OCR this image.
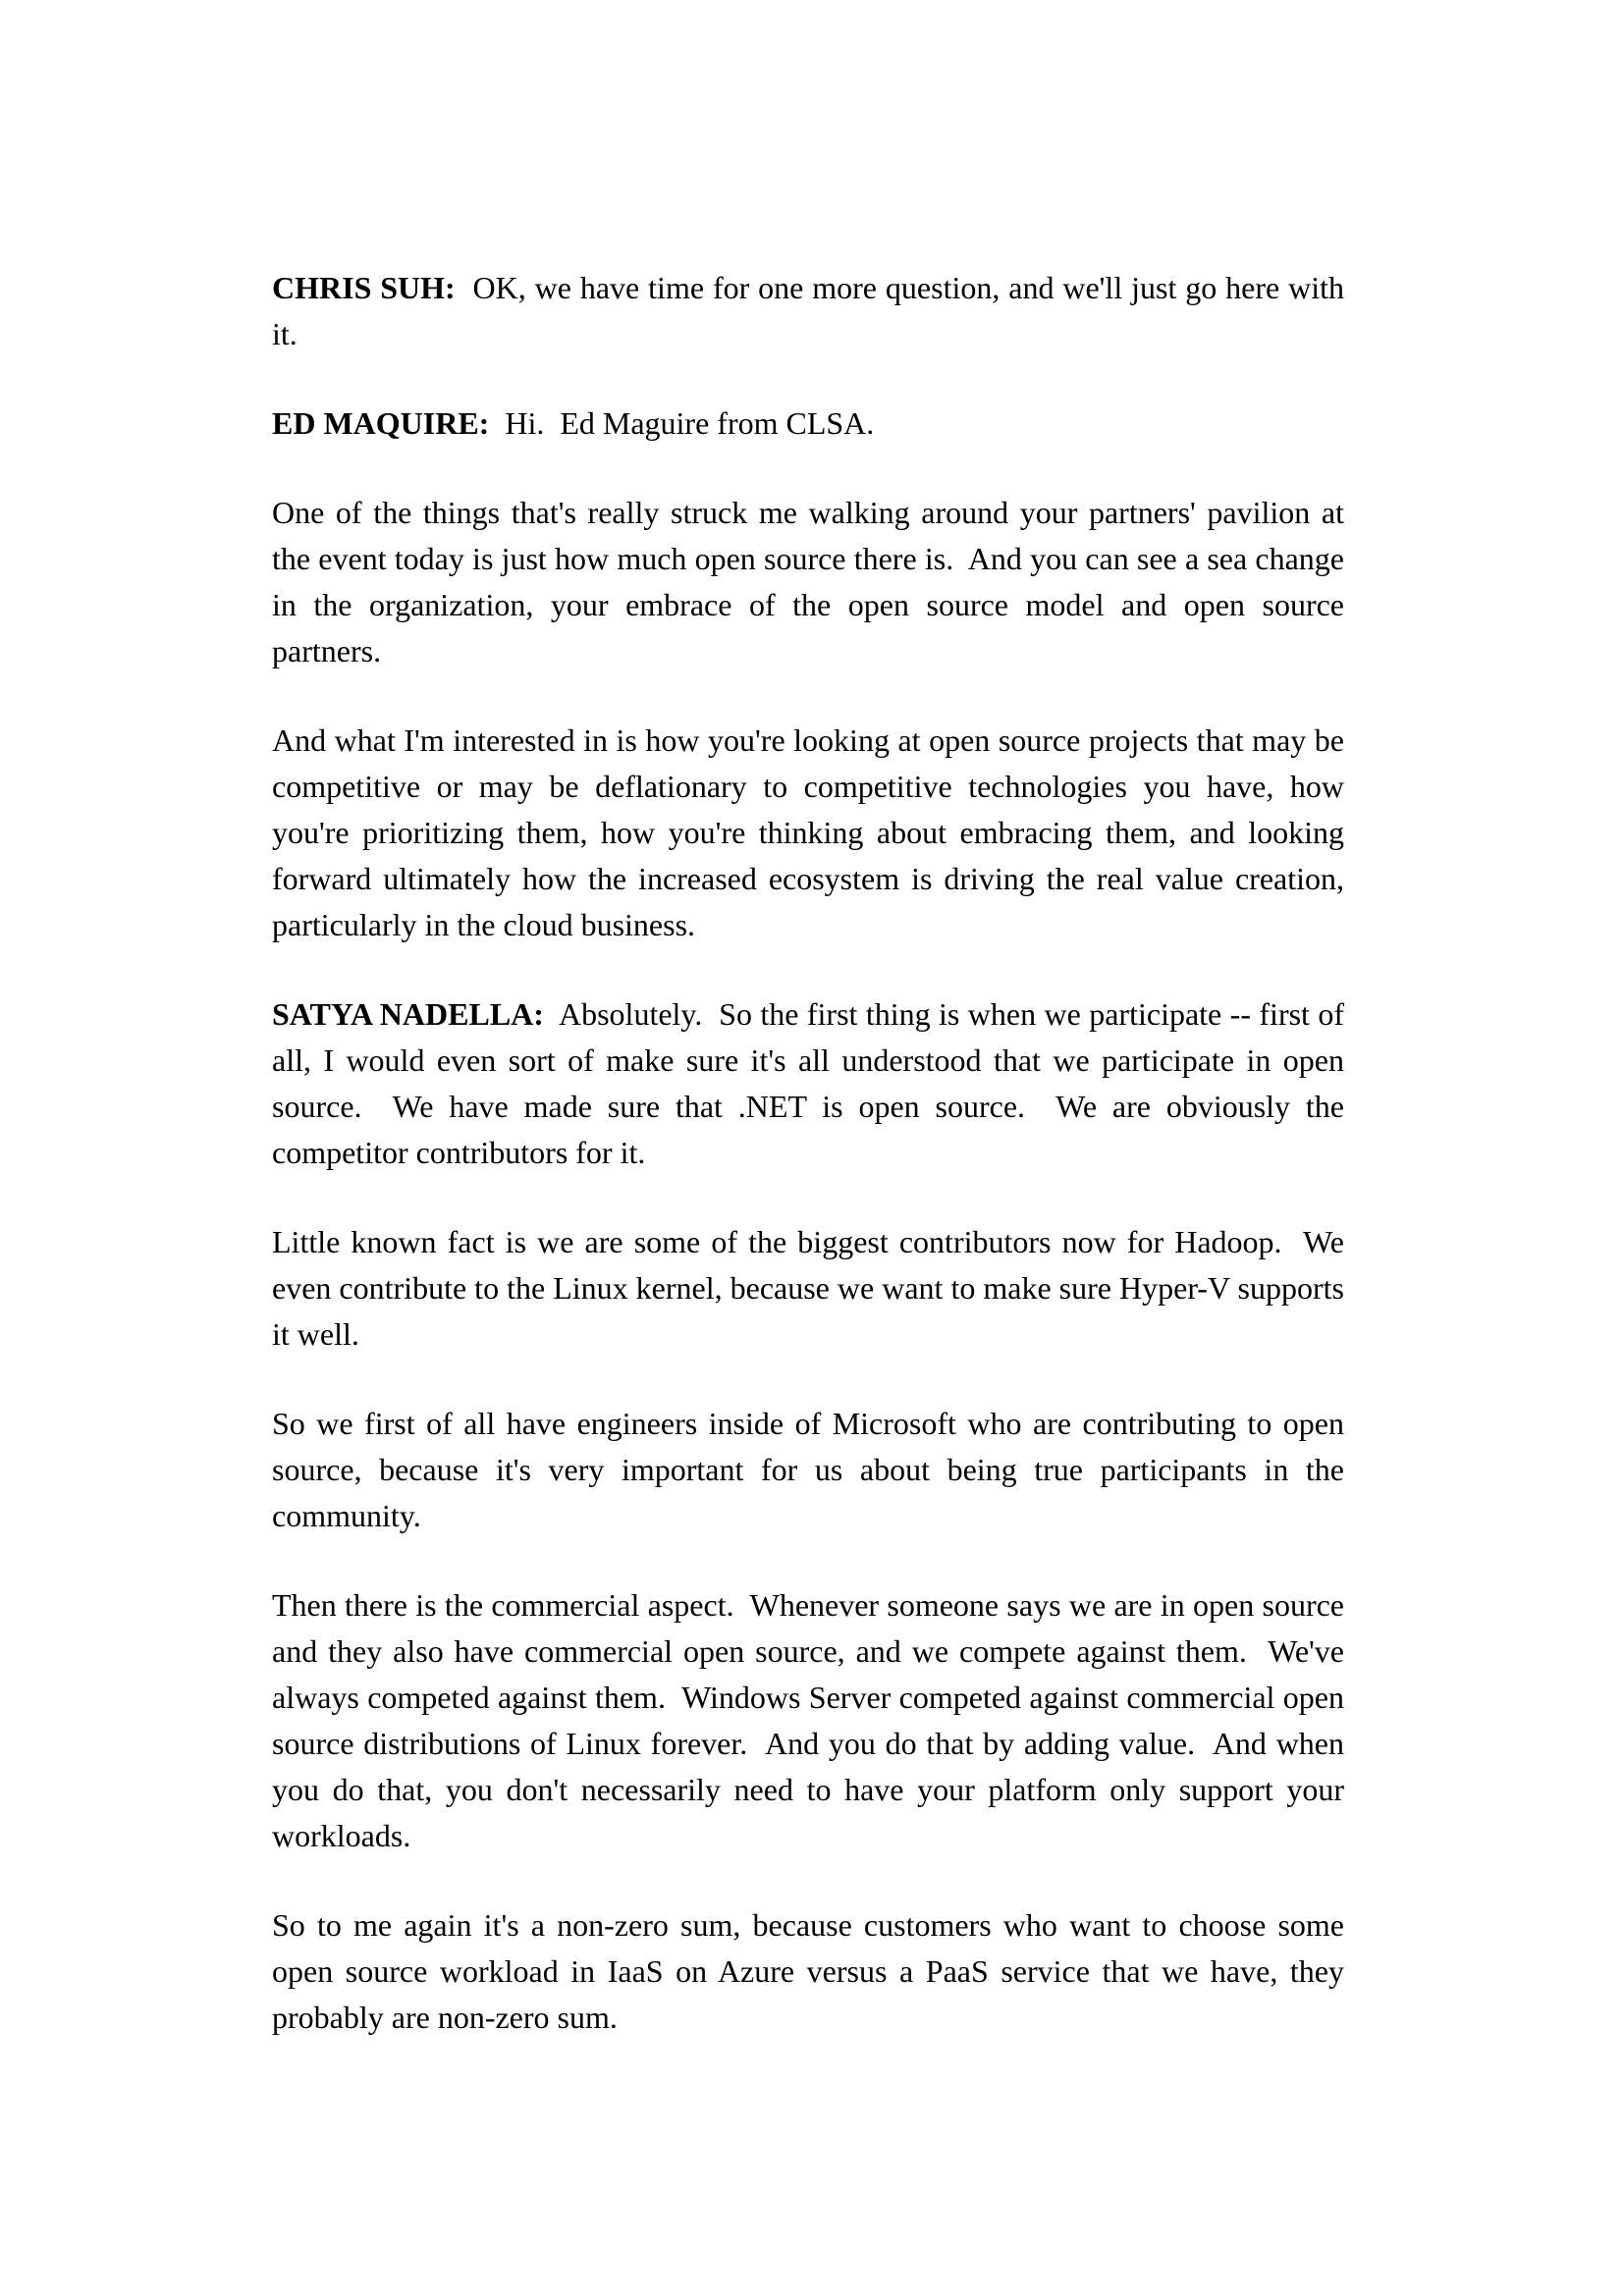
CHRIS SUH:  OK, we have time for one more question, and we'll just go here with it.

ED MAQUIRE:  Hi.  Ed Maguire from CLSA.

One of the things that's really struck me walking around your partners' pavilion at the event today is just how much open source there is.  And you can see a sea change in the organization, your embrace of the open source model and open source partners.

And what I'm interested in is how you're looking at open source projects that may be competitive or may be deflationary to competitive technologies you have, how you're prioritizing them, how you're thinking about embracing them, and looking forward ultimately how the increased ecosystem is driving the real value creation, particularly in the cloud business.

SATYA NADELLA:  Absolutely.  So the first thing is when we participate -- first of all, I would even sort of make sure it's all understood that we participate in open source.  We have made sure that .NET is open source.  We are obviously the competitor contributors for it.

Little known fact is we are some of the biggest contributors now for Hadoop.  We even contribute to the Linux kernel, because we want to make sure Hyper-V supports it well.

So we first of all have engineers inside of Microsoft who are contributing to open source, because it's very important for us about being true participants in the community.

Then there is the commercial aspect.  Whenever someone says we are in open source and they also have commercial open source, and we compete against them.  We've always competed against them.  Windows Server competed against commercial open source distributions of Linux forever.  And you do that by adding value.  And when you do that, you don't necessarily need to have your platform only support your workloads.

So to me again it's a non-zero sum, because customers who want to choose some open source workload in IaaS on Azure versus a PaaS service that we have, they probably are non-zero sum.
